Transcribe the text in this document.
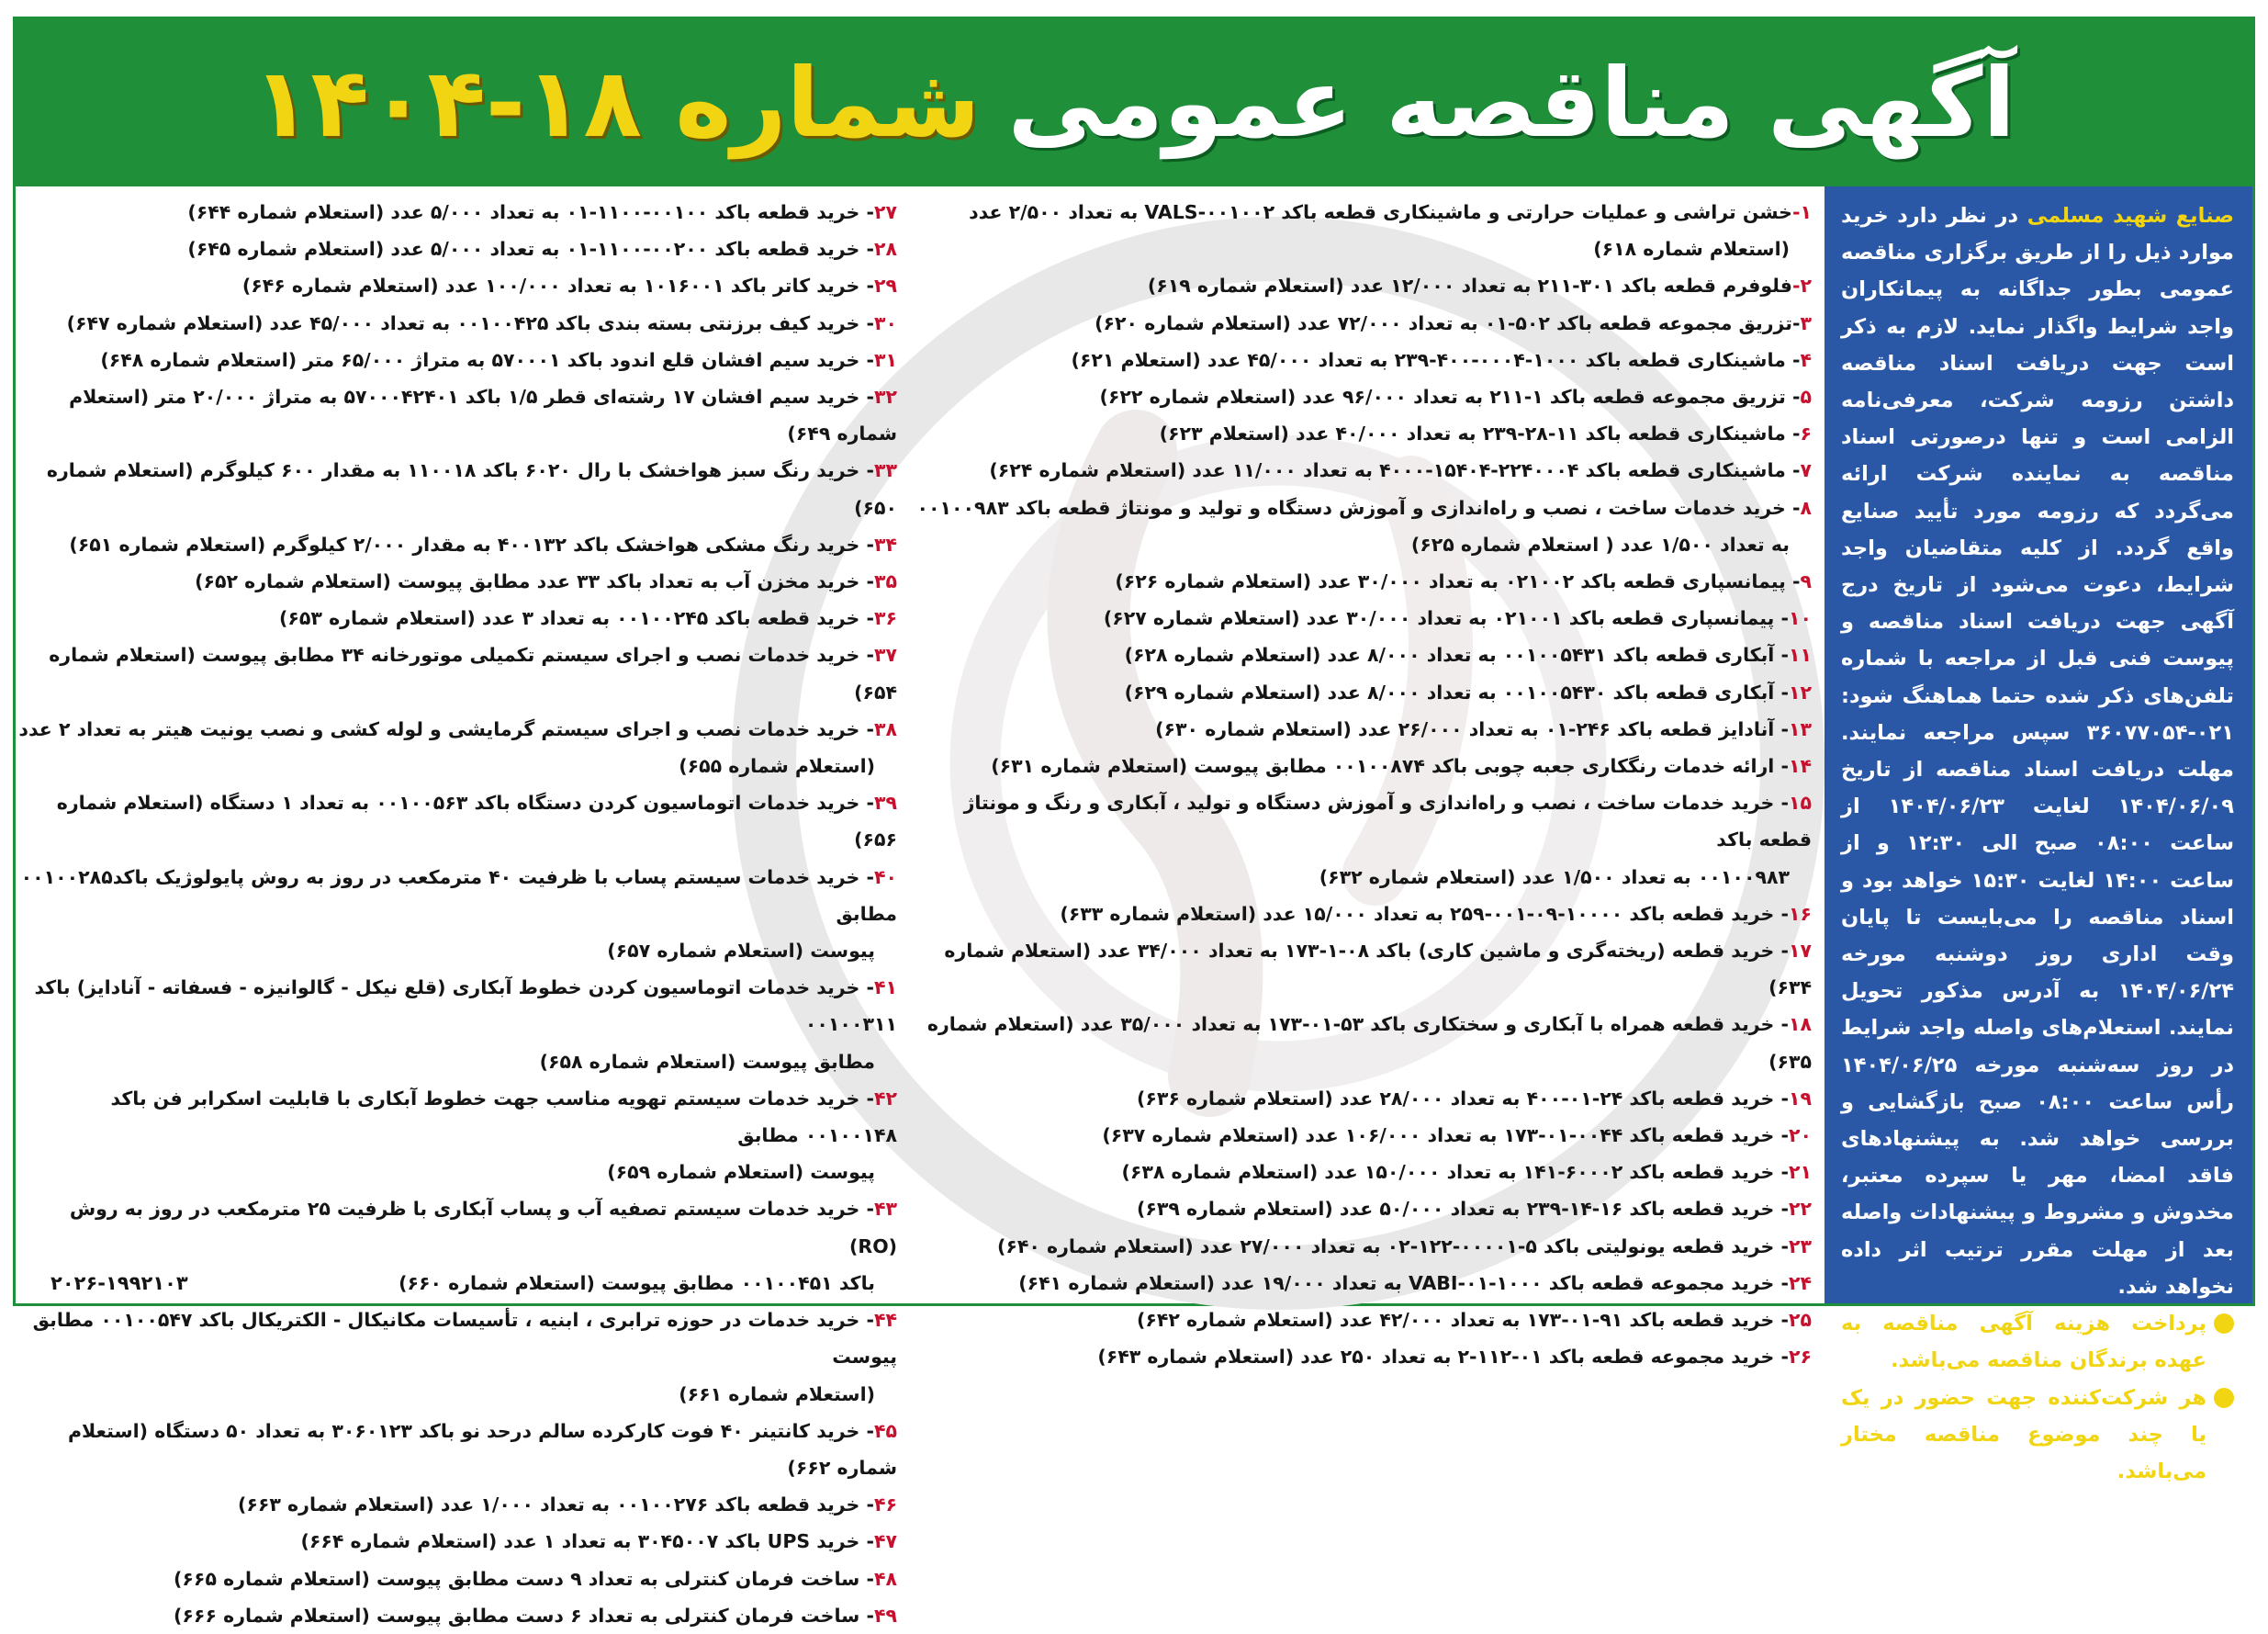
آگهی مناقصه عمومی
شماره ۱۸-۱۴۰۴
صنایع شهید مسلمی در نظر دارد خرید موارد ذیل را از طریق برگزاری مناقصه عمومی بطور جداگانه به پیمانکاران واجد شرایط واگذار نماید. لازم به ذکر است جهت دریافت اسناد مناقصه داشتن رزومه شرکت، معرفی‌نامه الزامی است و تنها درصورتی اسناد مناقصه به نماینده شرکت ارائه می‌گردد که رزومه مورد تأیید صنایع واقع گردد. از کلیه متقاضیان واجد شرایط، دعوت می‌شود از تاریخ درج آگهی جهت دریافت اسناد مناقصه و پیوست فنی قبل از مراجعه با شماره تلفن‌های ذکر شده حتما هماهنگ شود: ۰۲۱-۳۶۰۷۷۰۵۴ سپس مراجعه نمایند. مهلت دریافت اسناد مناقصه از تاریخ ۱۴۰۴/۰۶/۰۹ لغایت ۱۴۰۴/۰۶/۲۳ از ساعت ۰۸:۰۰ صبح الی ۱۲:۳۰ و از ساعت ۱۴:۰۰ لغایت ۱۵:۳۰ خواهد بود و اسناد مناقصه را می‌بایست تا پایان وقت اداری روز دوشنبه مورخه ۱۴۰۴/۰۶/۲۴ به آدرس مذکور تحویل نمایند. استعلام‌های واصله واجد شرایط در روز سه‌شنبه مورخه ۱۴۰۴/۰۶/۲۵ رأس ساعت ۰۸:۰۰ صبح بازگشایی و بررسی خواهد شد. به پیشنهادهای فاقد امضا، مهر یا سپرده معتبر، مخدوش و مشروط و پیشنهادات واصله بعد از مهلت مقرر ترتیب اثر داده نخواهد شد.
پرداخت هزینه آگهی مناقصه به عهده برندگان مناقصه می‌باشد.
هر شرکت‌کننده جهت حضور در یک یا چند موضوع مناقصه مختار می‌باشد.
۱-خشن تراشی و عملیات حرارتی و ماشینکاری قطعه باکد VALS-۰۰۱۰۰۲ به تعداد ۲/۵۰۰ عدد
(استعلام شماره ۶۱۸)
۲-فلوفرم قطعه باکد ۳۰۱-۲۱۱ به تعداد ۱۲/۰۰۰ عدد (استعلام شماره ۶۱۹)
۳-تزریق مجموعه قطعه باکد ۵۰۲-۰۱ به تعداد ۷۲/۰۰۰ عدد (استعلام شماره ۶۲۰)
۴- ماشینکاری قطعه باکد ۱۰۰۰-۰۰۰۴-۴۰۰-۲۳۹ به تعداد ۴۵/۰۰۰ عدد (استعلام ۶۲۱)
۵- تزریق مجموعه قطعه باکد ۱-۲۱۱ به تعداد ۹۶/۰۰۰ عدد (استعلام شماره ۶۲۲)
۶- ماشینکاری قطعه باکد ۱۱-۲۸-۲۳۹ به تعداد ۴۰/۰۰۰ عدد (استعلام ۶۲۳)
۷- ماشینکاری قطعه باکد ۲۲۴۰۰۰۴-۱۵۴۰۴-۴۰۰۰ به تعداد ۱۱/۰۰۰ عدد (استعلام شماره ۶۲۴)
۸- خرید خدمات ساخت ، نصب و راه‌اندازی و آموزش دستگاه و تولید و مونتاژ قطعه باکد ۰۰۱۰۰۹۸۳
به تعداد ۱/۵۰۰ عدد ( استعلام شماره ۶۲۵)
۹- پیمانسپاری قطعه باکد ۰۲۱۰۰۲ به تعداد ۳۰/۰۰۰ عدد (استعلام شماره ۶۲۶)
۱۰- پیمانسپاری قطعه باکد ۰۲۱۰۰۱ به تعداد ۳۰/۰۰۰ عدد (استعلام شماره ۶۲۷)
۱۱- آبکاری قطعه باکد ۰۰۱۰۰۵۴۳۱ به تعداد ۸/۰۰۰ عدد (استعلام شماره ۶۲۸)
۱۲- آبکاری قطعه باکد ۰۰۱۰۰۵۴۳۰ به تعداد ۸/۰۰۰ عدد (استعلام شماره ۶۲۹)
۱۳- آنادایز قطعه باکد ۲۴۶-۰۱ به تعداد ۲۶/۰۰۰ عدد (استعلام شماره ۶۳۰)
۱۴- ارائه خدمات رنگکاری جعبه چوبی باکد ۰۰۱۰۰۸۷۴ مطابق پیوست (استعلام شماره ۶۳۱)
۱۵- خرید خدمات ساخت ، نصب و راه‌اندازی و آموزش دستگاه و تولید ، آبکاری و رنگ و مونتاژ قطعه باکد
۰۰۱۰۰۹۸۳ به تعداد ۱/۵۰۰ عدد (استعلام شماره ۶۳۲)
۱۶- خرید قطعه باکد ۱۰۰۰۰-۰۹-۰۰۱-۲۵۹ به تعداد ۱۵/۰۰۰ عدد (استعلام شماره ۶۳۳)
۱۷- خرید قطعه (ریخته‌گری و ماشین کاری) باکد ۰۸-۱-۱۷۳ به تعداد ۳۴/۰۰۰ عدد (استعلام شماره ۶۳۴)
۱۸- خرید قطعه همراه با آبکاری و سختکاری باکد ۵۳-۰۱-۱۷۳ به تعداد ۳۵/۰۰۰ عدد (استعلام شماره ۶۳۵)
۱۹- خرید قطعه باکد ۲۴-۰۱-۴۰۰ به تعداد ۲۸/۰۰۰ عدد (استعلام شماره ۶۳۶)
۲۰- خرید قطعه باکد ۰۰۴۴-۰۱-۱۷۳ به تعداد ۱۰۶/۰۰۰ عدد (استعلام شماره ۶۳۷)
۲۱- خرید قطعه باکد ۶۰۰۰۲-۱۴۱ به تعداد ۱۵۰/۰۰۰ عدد (استعلام شماره ۶۳۸)
۲۲- خرید قطعه باکد ۱۶-۱۴-۲۳۹ به تعداد ۵۰/۰۰۰ عدد (استعلام شماره ۶۳۹)
۲۳- خرید قطعه یونولیتی باکد ۵-۰۰۰۰۱-۱۲۲-۰۲ به تعداد ۲۷/۰۰۰ عدد (استعلام شماره ۶۴۰)
۲۴- خرید مجموعه قطعه باکد VABI-۰۱-۱۰۰۰ به تعداد ۱۹/۰۰۰ عدد (استعلام شماره ۶۴۱)
۲۵- خرید قطعه باکد ۹۱-۰۱-۱۷۳ به تعداد ۴۲/۰۰۰ عدد (استعلام شماره ۶۴۲)
۲۶- خرید مجموعه قطعه باکد ۰۱-۱۱۲-۲ به تعداد ۲۵۰ عدد (استعلام شماره ۶۴۳)
۲۷- خرید قطعه باکد ۰۰۱۰۰-۱۱۰۰-۰۱ به تعداد ۵/۰۰۰ عدد (استعلام شماره ۶۴۴)
۲۸- خرید قطعه باکد ۰۰۲۰۰-۱۱۰۰-۰۱ به تعداد ۵/۰۰۰ عدد (استعلام شماره ۶۴۵)
۲۹- خرید کاتر باکد ۱۰۱۶۰۰۱ به تعداد ۱۰۰/۰۰۰ عدد (استعلام شماره ۶۴۶)
۳۰- خرید کیف برزنتی بسته بندی باکد ۰۰۱۰۰۴۲۵ به تعداد ۴۵/۰۰۰ عدد (استعلام شماره ۶۴۷)
۳۱- خرید سیم افشان قلع اندود باکد ۵۷۰۰۰۱ به متراژ ۶۵/۰۰۰ متر (استعلام شماره ۶۴۸)
۳۲- خرید سیم افشان ۱۷ رشته‌ای قطر ۱/۵ باکد ۵۷۰۰۰۴۲۴۰۱ به متراژ ۲۰/۰۰۰ متر (استعلام شماره ۶۴۹)
۳۳- خرید رنگ سبز هواخشک با رال ۶۰۲۰ باکد ۱۱۰۰۱۸ به مقدار ۶۰۰ کیلوگرم (استعلام شماره ۶۵۰)
۳۴- خرید رنگ مشکی هواخشک باکد ۴۰۰۱۳۲ به مقدار ۲/۰۰۰ کیلوگرم (استعلام شماره ۶۵۱)
۳۵- خرید مخزن آب به تعداد باکد ۳۳ عدد مطابق پیوست (استعلام شماره ۶۵۲)
۳۶- خرید قطعه باکد ۰۰۱۰۰۲۴۵ به تعداد ۳ عدد (استعلام شماره ۶۵۳)
۳۷- خرید خدمات نصب و اجرای سیستم تکمیلی موتورخانه ۳۴ مطابق پیوست (استعلام شماره ۶۵۴)
۳۸- خرید خدمات نصب و اجرای سیستم گرمایشی و لوله کشی و نصب یونیت هیتر به تعداد ۲ عدد
(استعلام شماره ۶۵۵)
۳۹- خرید خدمات اتوماسیون کردن دستگاه باکد ۰۰۱۰۰۵۶۳ به تعداد ۱ دستگاه (استعلام شماره ۶۵۶)
۴۰- خرید خدمات سیستم پساب با ظرفیت ۴۰ مترمکعب در روز به روش پایولوژیک باکد۰۰۱۰۰۲۸۵ مطابق
پیوست (استعلام شماره ۶۵۷)
۴۱- خرید خدمات اتوماسیون کردن خطوط آبکاری (قلع نیکل - گالوانیزه - فسفاته - آنادایز) باکد ۰۰۱۰۰۳۱۱
مطابق پیوست (استعلام شماره ۶۵۸)
۴۲- خرید خدمات سیستم تهویه مناسب جهت خطوط آبکاری با قابلیت اسکرابر فن باکد ۰۰۱۰۰۱۴۸ مطابق
پیوست (استعلام شماره ۶۵۹)
۴۳- خرید خدمات سیستم تصفیه آب و پساب آبکاری با ظرفیت ۲۵ مترمکعب در روز به روش (RO)
باکد ۰۰۱۰۰۴۵۱ مطابق پیوست (استعلام شماره ۶۶۰)
۴۴- خرید خدمات در حوزه ترابری ، ابنیه ، تأسیسات مکانیکال - الکتریکال باکد ۰۰۱۰۰۵۴۷ مطابق پیوست
(استعلام شماره ۶۶۱)
۴۵- خرید کانتینر ۴۰ فوت کارکرده سالم درحد نو باکد ۳۰۶۰۱۲۳ به تعداد ۵۰ دستگاه (استعلام شماره ۶۶۲)
۴۶- خرید قطعه باکد ۰۰۱۰۰۲۷۶ به تعداد ۱/۰۰۰ عدد (استعلام شماره ۶۶۳)
۴۷- خرید UPS باکد ۳۰۴۵۰۰۷ به تعداد ۱ عدد (استعلام شماره ۶۶۴)
۴۸- ساخت فرمان کنترلی به تعداد ۹ دست مطابق پیوست (استعلام شماره ۶۶۵)
۴۹- ساخت فرمان کنترلی به تعداد ۶ دست مطابق پیوست (استعلام شماره ۶۶۶)
۲۰۲۶-۱۹۹۲۱۰۳
